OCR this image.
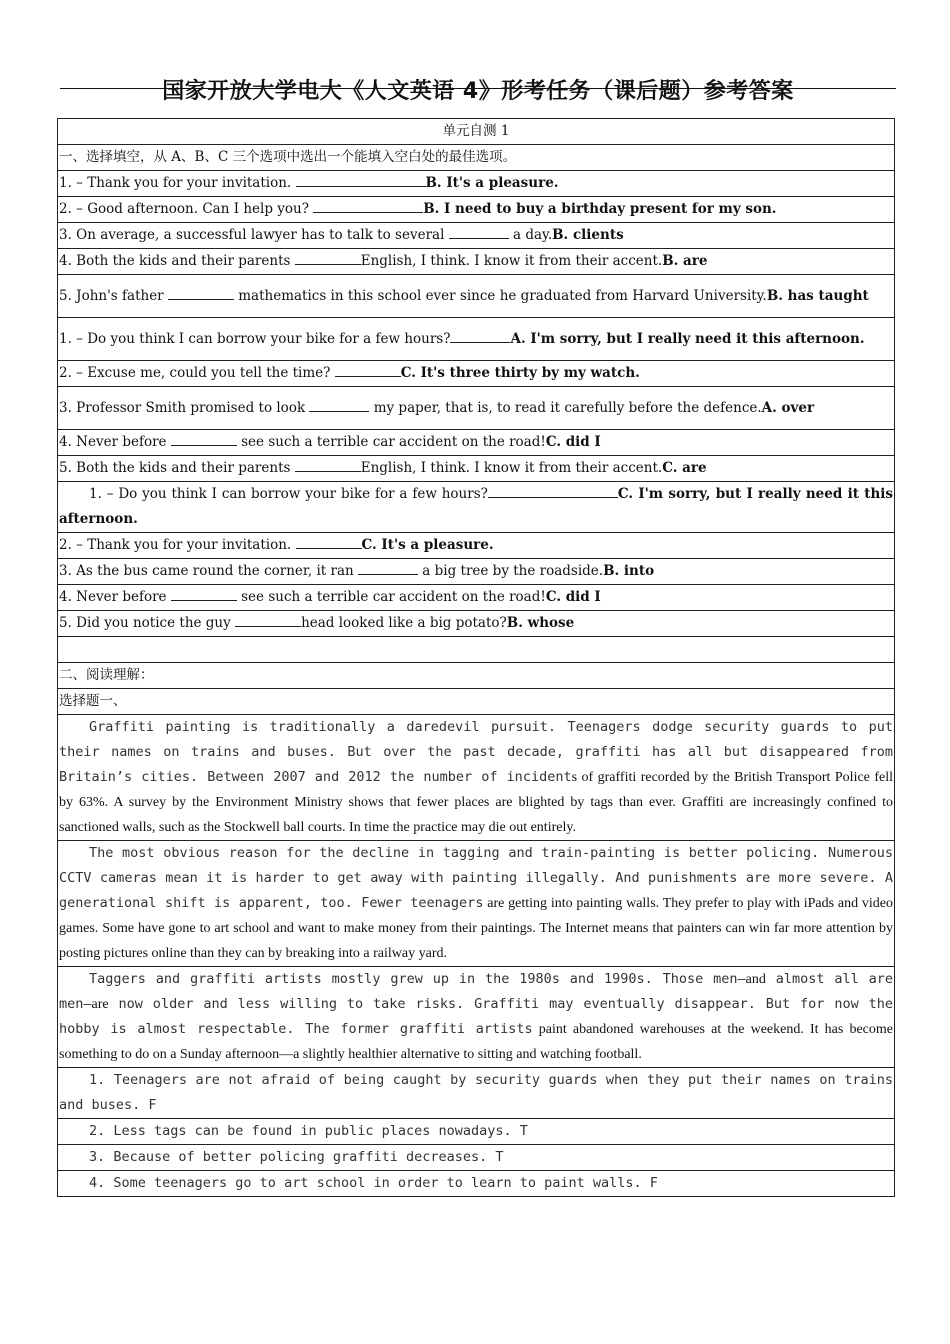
国家开放大学电大《人文英语 4》形考任务（课后题）参考答案
单元自测 1
一、选择填空，从 A、B、C 三个选项中选出一个能填入空白处的最佳选项。
1. – Thank you for your invitation.	B. It's a pleasure.
2. – Good afternoon. Can I help you?	B. I need to buy a birthday present for my son.
3. On average, a successful lawyer has to talk to several	a day.B. clients
4. Both the kids and their parents	English, I think. I know it from their accent.B. are
5. John's father	mathematics in this school ever since he graduated from Harvard University.B. has taught
1. – Do you think I can borrow your bike for a few hours?	A. I'm sorry, but I really need it this afternoon.
2. – Excuse me, could you tell the time?	C. It's three thirty by my watch.
3. Professor Smith promised to look	my paper, that is, to read it carefully before the defence.A. over
4. Never before	see such a terrible car accident on the road!C. did I
5. Both the kids and their parents	English, I think. I know it from their accent.C. are
1. – Do you think I can borrow your bike for a few hours?	C. I'm sorry, but I really need it this afternoon.
2. – Thank you for your invitation.	C. It's a pleasure.
3. As the bus came round the corner, it ran	a big tree by the roadside.B. into
4. Never before	see such a terrible car accident on the road!C. did I
5. Did you notice the guy	head looked like a big potato?B. whose

二、阅读理解：
选择题一、
Graffiti painting is traditionally a daredevil pursuit. Teenagers dodge security guards to put their names on trains and buses. But over the past decade, graffiti has all but disappeared from Britain’s cities. Between 2007 and 2012 the number of incidents of graffiti recorded by the British Transport Police fell by 63%. A survey by the Environment Ministry shows that fewer places are blighted by tags than ever. Graffiti are increasingly confined to sanctioned walls, such as the Stockwell ball courts. In time the practice may die out entirely.
The most obvious reason for the decline in tagging and train-painting is better policing. Numerous CCTV cameras mean it is harder to get away with painting illegally. And punishments are more severe. A generational shift is apparent, too. Fewer teenagers are getting into painting walls. They prefer to play with iPads and video games. Some have gone to art school and want to make money from their paintings. The Internet means that painters can win far more attention by posting pictures online than they can by breaking into a railway yard.
Taggers and graffiti artists mostly grew up in the 1980s and 1990s. Those men—and almost all are men—are now older and less willing to take risks. Graffiti may eventually disappear. But for now the hobby is almost respectable. The former graffiti artists paint abandoned warehouses at the weekend. It has become something to do on a Sunday afternoon—a slightly healthier alternative to sitting and watching football.
1. Teenagers are not afraid of being caught by security guards when they put their names on trains and buses. F
2. Less tags can be found in public places nowadays. T
3. Because of better policing graffiti decreases. T
4. Some teenagers go to art school in order to learn to paint walls. F
